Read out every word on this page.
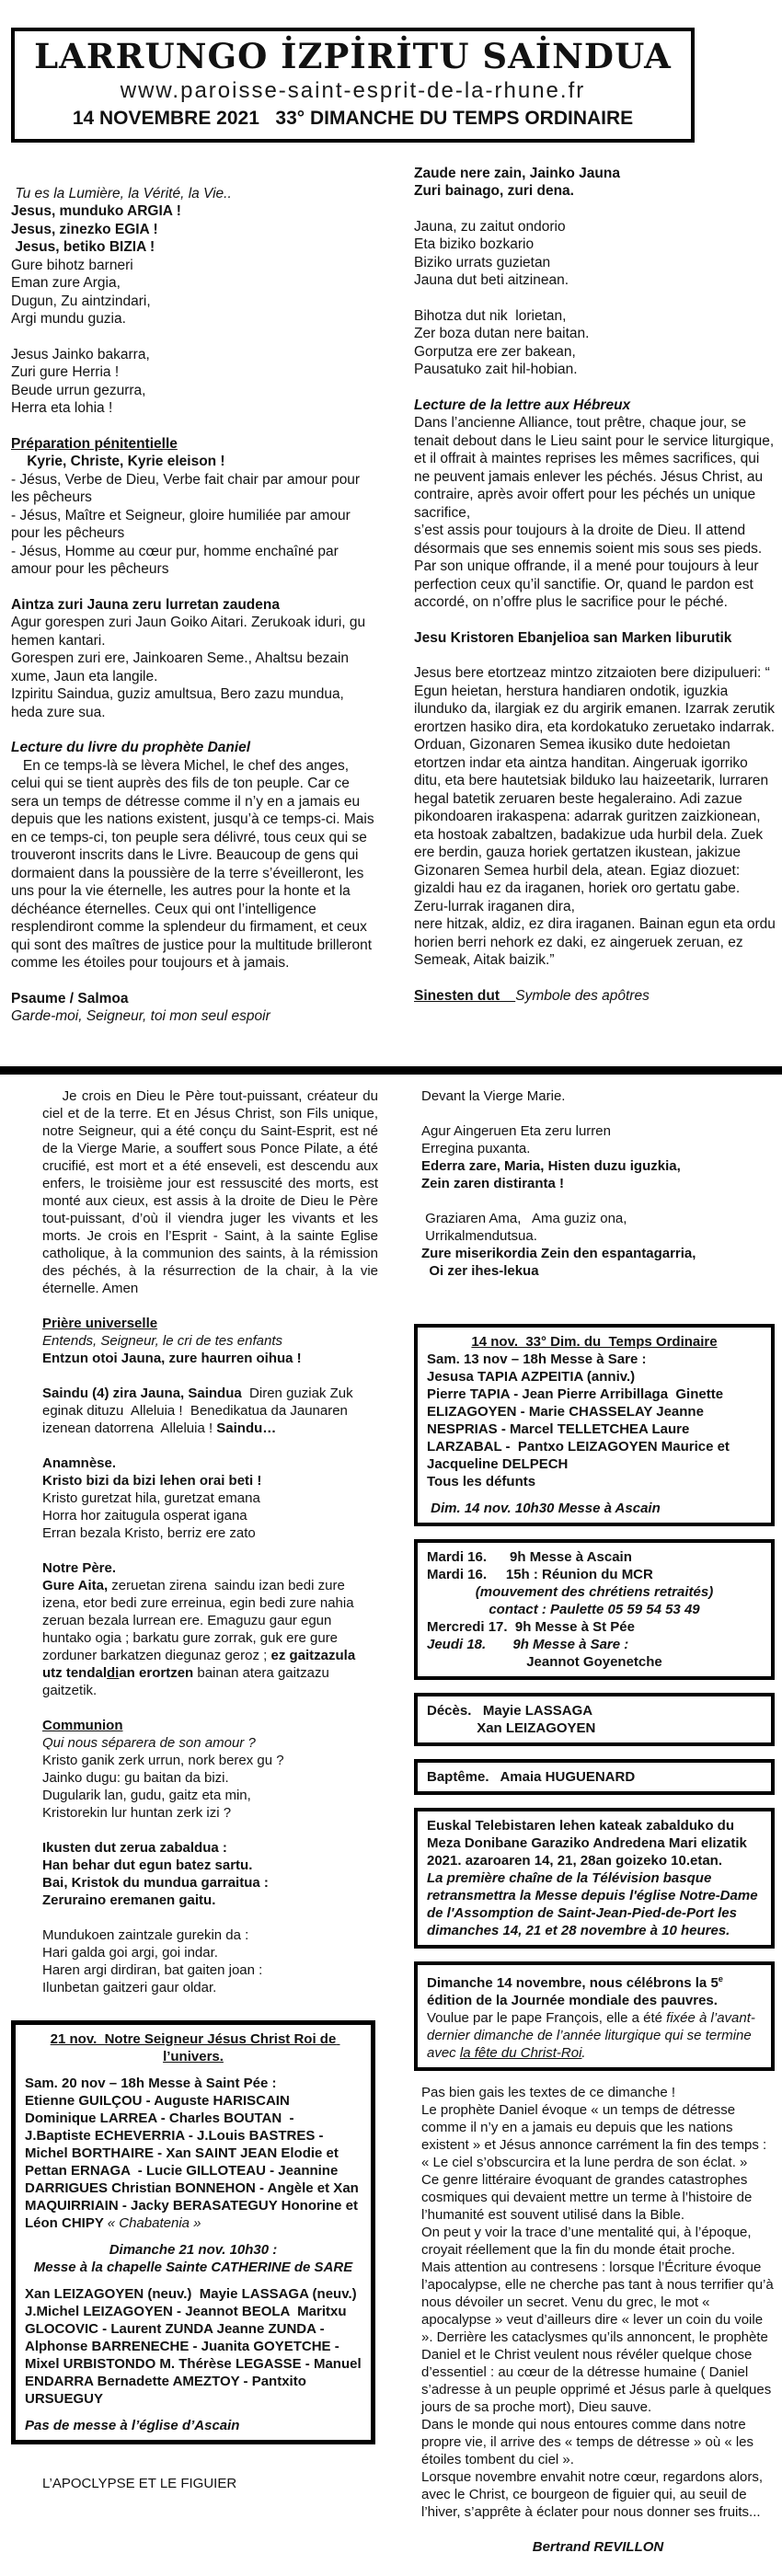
LARRUNGO İZPİRİTU SAİNDUA
www.paroisse-saint-esprit-de-la-rhune.fr
14 NOVEMBRE 2021   33° DIMANCHE DU TEMPS ORDINAIRE

Tu es la Lumière, la Vérité, la Vie..

Jesus, munduko ARGIA !

Jesus, zinezko EGIA !

Jesus, betiko BIZIA !

Gure bihotz barneri

Eman zure Argia,

Dugun, Zu aintzindari,

Argi mundu guzia.

Jesus Jainko bakarra,

Zuri gure Herria !

Beude urrun gezurra,

Herra eta lohia !

Préparation pénitentielle

Kyrie, Christe, Kyrie eleison !

- Jésus, Verbe de Dieu, Verbe fait chair par amour pour les pêcheurs

- Jésus, Maître et Seigneur, gloire humiliée par amour pour les pêcheurs

- Jésus, Homme au cœur pur, homme enchaîné par amour pour les pêcheurs

Aintza zuri Jauna zeru lurretan zaudena

Agur gorespen zuri Jaun Goiko Aitari. Zerukoak iduri, gu hemen kantari.

Gorespen zuri ere, Jainkoaren Seme., Ahaltsu bezain xume, Jaun eta langile.

Izpiritu Saindua, guziz amultsua, Bero zazu mundua, heda zure sua.

Lecture du livre du prophète Daniel

En ce temps-là se lèvera Michel, le chef des anges, celui qui se tient auprès des fils de ton peuple. Car ce sera un temps de détresse comme il n’y en a jamais eu depuis que les nations existent, jusqu’à ce temps-ci. Mais en ce temps-ci, ton peuple sera délivré, tous ceux qui se trouveront inscrits dans le Livre. Beaucoup de gens qui dormaient dans la poussière de la terre s’éveilleront, les uns pour la vie éternelle, les autres pour la honte et la déchéance éternelles. Ceux qui ont l’intelligence resplendiront comme la splendeur du firmament, et ceux qui sont des maîtres de justice pour la multitude brilleront comme les étoiles pour toujours et à jamais.

Psaume / Salmoa

Garde-moi, Seigneur, toi mon seul espoir

Zaude nere zain, Jainko Jauna

Zuri bainago, zuri dena.

Jauna, zu zaitut ondorio

Eta biziko bozkario

Biziko urrats guzietan

Jauna dut beti aitzinean.

Bihotza dut nik  lorietan,

Zer boza dutan nere baitan.

Gorputza ere zer bakean,

Pausatuko zait hil-hobian.

Lecture de la lettre aux Hébreux

Dans l’ancienne Alliance, tout prêtre, chaque jour, se tenait debout dans le Lieu saint pour le service liturgique, et il offrait à maintes reprises les mêmes sacrifices, qui ne peuvent jamais enlever les péchés. Jésus Christ, au contraire, après avoir offert pour les péchés un unique sacrifice,

s’est assis pour toujours à la droite de Dieu. Il attend désormais que ses ennemis soient mis sous ses pieds. Par son unique offrande, il a mené pour toujours à leur perfection ceux qu’il sanctifie. Or, quand le pardon est accordé, on n’offre plus le sacrifice pour le péché.

Jesu Kristoren Ebanjelioa san Marken liburutik

Jesus bere etortzeaz mintzo zitzaioten bere dizipulueri: “ Egun heietan, herstura handiaren ondotik, iguzkia ilunduko da, ilargiak ez du argirik emanen. Izarrak zerutik erortzen hasiko dira, eta kordokatuko zeruetako indarrak. Orduan, Gizonaren Semea ikusiko dute hedoietan etortzen indar eta aintza handitan. Aingeruak igorriko ditu, eta bere hautetsiak bilduko lau haizeetarik, lurraren hegal batetik zeruaren beste hegaleraino. Adi zazue pikondoaren irakaspena: adarrak guritzen zaizkionean, eta hostoak zabaltzen, badakizue uda hurbil dela. Zuek ere berdin, gauza horiek gertatzen ikustean, jakizue Gizonaren Semea hurbil dela, atean. Egiaz diozuet: gizaldi hau ez da iraganen, horiek oro gertatu gabe. Zeru-lurrak iraganen dira,

nere hitzak, aldiz, ez dira iraganen. Bainan egun eta ordu horien berri nehork ez daki, ez aingeruek zeruan, ez Semeak, Aitak baizik.”

Sinesten dut    Symbole des apôtres

Je crois en Dieu le Père tout-puissant, créateur du ciel et de la terre. Et en Jésus Christ, son Fils unique, notre Seigneur, qui a été conçu du Saint-Esprit, est né de la Vierge Marie, a souffert sous Ponce Pilate, a été crucifié, est mort et a été enseveli, est descendu aux enfers, le troisième jour est ressuscité des morts, est monté aux cieux, est assis à la droite de Dieu le Père tout-puissant, d’où il viendra juger les vivants et les morts. Je crois en l’Esprit - Saint, à la sainte Eglise catholique, à la communion des saints, à la rémission des péchés, à la résurrection de la chair, à la vie éternelle. Amen

Prière universelle

Entends, Seigneur, le cri de tes enfants

Entzun otoi Jauna, zure haurren oihua !

Saindu (4) zira Jauna, Saindua  Diren guziak Zuk eginak dituzu  Alleluia !  Benedikatua da Jaunaren izenean datorrena  Alleluia ! Saindu…

Anamnèse.

Kristo bizi da bizi lehen orai beti !

Kristo guretzat hila, guretzat emana

Horra hor zaitugula osperat igana

Erran bezala Kristo, berriz ere zato

Notre Père.

Gure Aita, zeruetan zirena  saindu izan bedi zure izena, etor bedi zure erreinua, egin bedi zure nahia zeruan bezala lurrean ere. Emaguzu gaur egun huntako ogia ; barkatu gure zorrak, guk ere gure zorduner barkatzen diegunaz geroz ; ez gaitzazula utz tendaldian erortzen bainan atera gaitzazu gaitzetik.

Communion

Qui nous séparera de son amour ?

Kristo ganik zerk urrun, nork berex gu ?

Jainko dugu: gu baitan da bizi.

Dugularik lan, gudu, gaitz eta min,

Kristorekin lur huntan zerk izi ?

Ikusten dut zerua zabaldua :

Han behar dut egun batez sartu.

Bai, Kristok du mundua garraitua :

Zeruraino eremanen gaitu.

Mundukoen zaintzale gurekin da :

Hari galda goi argi, goi indar.

Haren argi dirdiran, bat gaiten joan :

Ilunbetan gaitzeri gaur oldar.

21 nov.  Notre Seigneur Jésus Christ Roi de l’univers.

Sam. 20 nov – 18h Messe à Saint Pée :

Etienne GUILÇOU - Auguste HARISCAIN Dominique LARREA - Charles BOUTAN  - J.Baptiste ECHEVERRIA - J.Louis BASTRES - Michel BORTHAIRE - Xan SAINT JEAN Elodie et Pettan ERNAGA  - Lucie GILLOTEAU - Jeannine DARRIGUES Christian BONNEHON - Angèle et Xan MAQUIRRIAIN - Jacky BERASATEGUY Honorine et Léon CHIPY « Chabatenia »

Dimanche 21 nov. 10h30 :

Messe à la chapelle Sainte CATHERINE de SARE

Xan LEIZAGOYEN (neuv.)  Mayie LASSAGA (neuv.) J.Michel LEIZAGOYEN - Jeannot BEOLA  Maritxu GLOCOVIC - Laurent ZUNDA Jeanne ZUNDA - Alphonse BARRENECHE - Juanita GOYETCHE - Mixel URBISTONDO M. Thérèse LEGASSE - Manuel ENDARRA Bernadette AMEZTOY - Pantxito  URSUEGUY

Pas de messe à l’église d’Ascain

L’APOCLYPSE ET LE FIGUIER

Devant la Vierge Marie.

Agur Aingeruen Eta zeru lurren

Erregina puxanta.

Ederra zare, Maria, Histen duzu iguzkia,

Zein zaren distiranta !

Graziaren Ama,   Ama guziz ona,

Urrikalmendutsua.

Zure miserikordia Zein den espantagarria,

Oi zer ihes-lekua

14 nov.  33° Dim. du  Temps Ordinaire

Sam. 13 nov – 18h Messe à Sare :

Jesusa TAPIA AZPEITIA (anniv.)

Pierre TAPIA - Jean Pierre Arribillaga  Ginette ELIZAGOYEN - Marie CHASSELAY Jeanne NESPRIAS - Marcel TELLETCHEA Laure LARZABAL -  Pantxo LEIZAGOYEN Maurice et Jacqueline DELPECH

Tous les défunts

Dim. 14 nov. 10h30 Messe à Ascain

Mardi 16.      9h Messe à Ascain

Mardi 16.     15h : Réunion du MCR

(mouvement des chrétiens retraités)

contact : Paulette 05 59 54 53 49

Mercredi 17.  9h Messe à St Pée

Jeudi 18.       9h Messe à Sare :

Jeannot Goyenetche

Décès.   Mayie LASSAGA

Xan LEIZAGOYEN

Baptême.   Amaia HUGUENARD

Euskal Telebistaren lehen kateak zabalduko du Meza Donibane Garaziko Andredena Mari elizatik 2021. azaroaren 14, 21, 28an goizeko 10.etan.

La première chaîne de la Télévision basque retransmettra la Messe depuis l'église Notre-Dame de l'Assomption de Saint-Jean-Pied-de-Port les dimanches 14, 21 et 28 novembre à 10 heures.

Dimanche 14 novembre, nous célébrons la 5e édition de la Journée mondiale des pauvres. Voulue par le pape François, elle a été fixée à l’avant-dernier dimanche de l’année liturgique qui se termine avec la fête du Christ-Roi.

Pas bien gais les textes de ce dimanche !

Le prophète Daniel évoque « un temps de détresse comme il n’y en a jamais eu depuis que les nations existent » et Jésus annonce carrément la fin des temps : « Le ciel s’obscurcira et la lune perdra de son éclat. »

Ce genre littéraire évoquant de grandes catastrophes cosmiques qui devaient mettre un terme à l’histoire de l’humanité est souvent utilisé dans la Bible.

On peut y voir la trace d’une mentalité qui, à l’époque, croyait réellement que la fin du monde était proche.

Mais attention au contresens : lorsque l’Écriture évoque l’apocalypse, elle ne cherche pas tant à nous terrifier qu’à nous dévoiler un secret. Venu du grec, le mot « apocalypse » veut d’ailleurs dire « lever un coin du voile ». Derrière les cataclysmes qu’ils annoncent, le prophète Daniel et le Christ veulent nous révéler quelque chose d’essentiel : au cœur de la détresse humaine ( Daniel s’adresse à un peuple opprimé et Jésus parle à quelques jours de sa proche mort), Dieu sauve.

Dans le monde qui nous entoures comme dans notre propre vie, il arrive des « temps de détresse » où « les étoiles tombent du ciel ».

Lorsque novembre envahit notre cœur, regardons alors, avec le Christ, ce bourgeon de figuier qui, au seuil de l’hiver, s’apprête à éclater pour nous donner ses fruits...

Bertrand REVILLON
